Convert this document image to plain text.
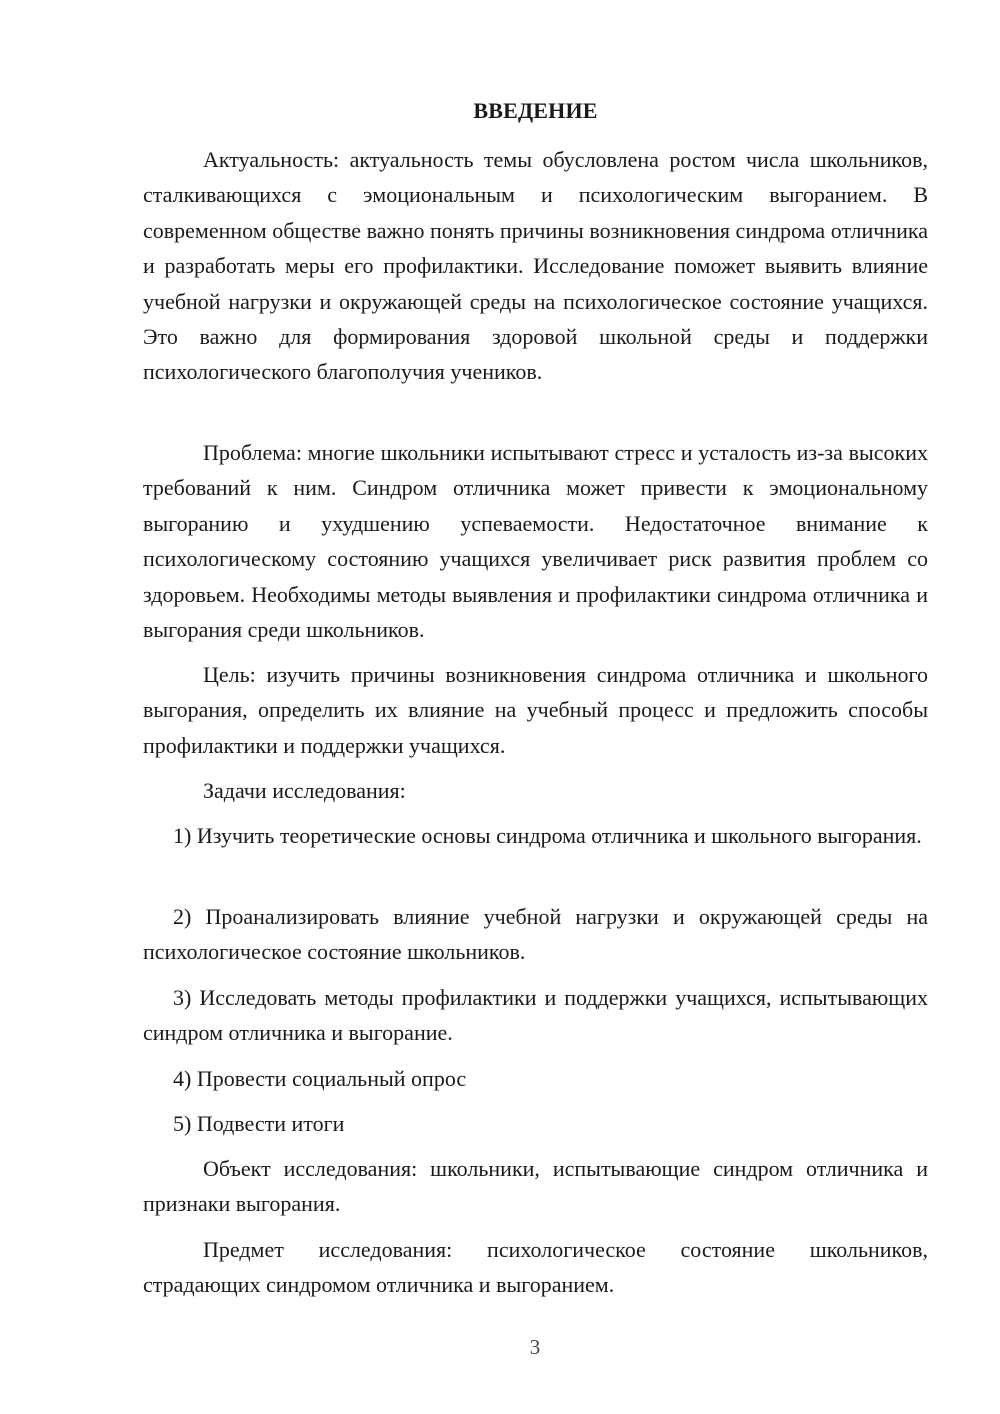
ВВЕДЕНИЕ

Актуальность: актуальность темы обусловлена ростом числа школьников, сталкивающихся с эмоциональным и психологическим выгоранием. В современном обществе важно понять причины возникновения синдрома отличника и разработать меры его профилактики. Исследование поможет выявить влияние учебной нагрузки и окружающей среды на психологическое состояние учащихся. Это важно для формирования здоровой школьной среды и поддержки психологического благополучия учеников.

Проблема: многие школьники испытывают стресс и усталость из-за высоких требований к ним. Синдром отличника может привести к эмоциональному выгоранию и ухудшению успеваемости. Недостаточное внимание к психологическому состоянию учащихся увеличивает риск развития проблем со здоровьем. Необходимы методы выявления и профилактики синдрома отличника и выгорания среди школьников.

Цель: изучить причины возникновения синдрома отличника и школьного выгорания, определить их влияние на учебный процесс и предложить способы профилактики и поддержки учащихся.

Задачи исследования:

1) Изучить теоретические основы синдрома отличника и школьного выгорания.

2) Проанализировать влияние учебной нагрузки и окружающей среды на психологическое состояние школьников.

3) Исследовать методы профилактики и поддержки учащихся, испытывающих синдром отличника и выгорание.

4) Провести социальный опрос

5) Подвести итоги

Объект исследования: школьники, испытывающие синдром отличника и признаки выгорания.

Предмет исследования: психологическое состояние школьников, страдающих синдромом отличника и выгоранием.

3
